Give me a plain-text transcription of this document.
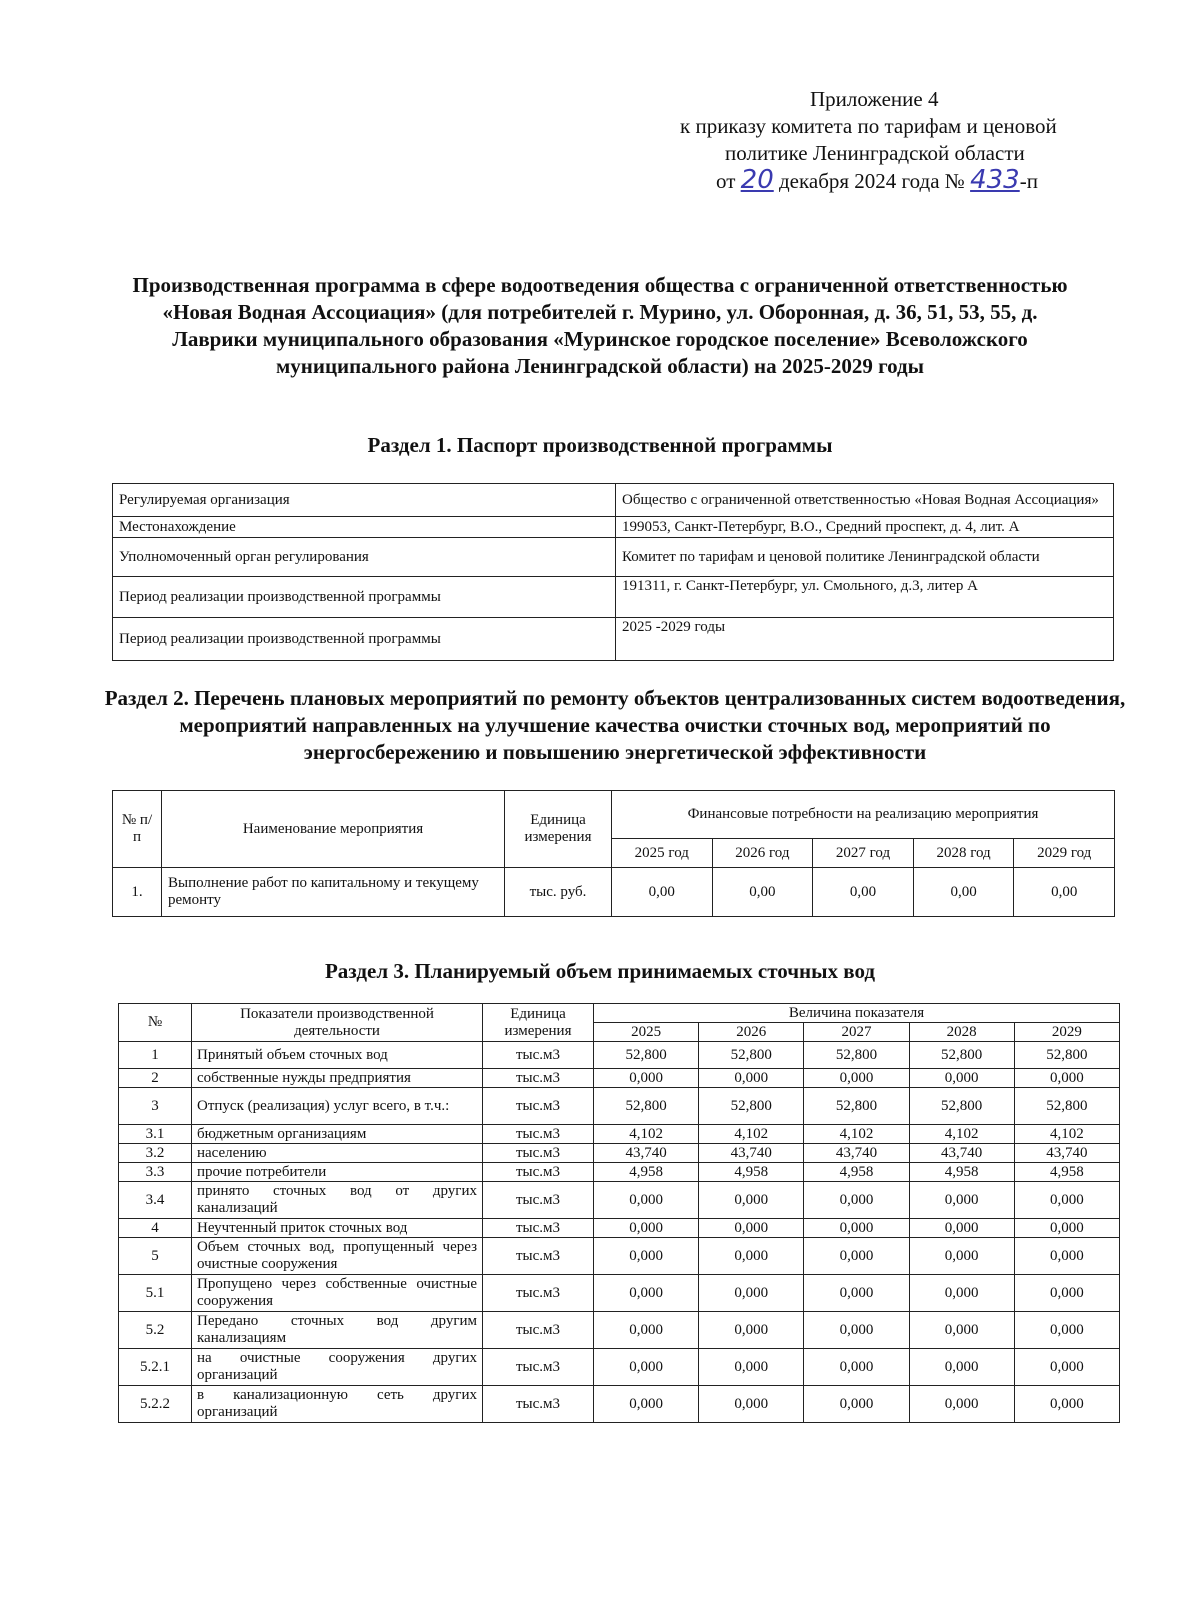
Приложение 4
к приказу комитета по тарифам и ценовой
политике Ленинградской области
от 20 декабря 2024 года № 433-п
Производственная программа в сфере водоотведения общества с ограниченной ответственностью «Новая Водная Ассоциация» (для потребителей г. Мурино, ул. Оборонная, д. 36, 51, 53, 55, д. Лаврики муниципального образования «Муринское городское поселение» Всеволожского муниципального района Ленинградской области) на 2025-2029 годы
Раздел 1. Паспорт производственной программы
Регулируемая организация	Общество с ограниченной ответственностью «Новая Водная Ассоциация»
Местонахождение	199053, Санкт-Петербург, В.О., Средний проспект, д. 4, лит. А
Уполномоченный орган регулирования	Комитет по тарифам и ценовой политике Ленинградской области
Период реализации производственной программы	191311, г. Санкт-Петербург, ул. Смольного, д.3, литер А
Период реализации производственной программы	2025 -2029 годы
Раздел 2. Перечень плановых мероприятий по ремонту объектов централизованных систем водоотведения, мероприятий направленных на улучшение качества очистки сточных вод, мероприятий по энергосбережению и повышению энергетической эффективности
№ п/п	Наименование мероприятия	Единица измерения	Финансовые потребности на реализацию мероприятия				
			2025 год	2026 год	2027 год	2028 год	2029 год
1.	Выполнение работ по капитальному и текущему ремонту	тыс. руб.	0,00	0,00	0,00	0,00	0,00
Раздел 3. Планируемый объем принимаемых сточных вод
№	Показатели производственной деятельности	Единица измерения	Величина показателя				
			2025	2026	2027	2028	2029
1	Принятый объем сточных вод	тыс.м3	52,800	52,800	52,800	52,800	52,800
2	собственные нужды предприятия	тыс.м3	0,000	0,000	0,000	0,000	0,000
3	Отпуск (реализация) услуг всего, в т.ч.:	тыс.м3	52,800	52,800	52,800	52,800	52,800
3.1	бюджетным организациям	тыс.м3	4,102	4,102	4,102	4,102	4,102
3.2	населению	тыс.м3	43,740	43,740	43,740	43,740	43,740
3.3	прочие потребители	тыс.м3	4,958	4,958	4,958	4,958	4,958
3.4	принято сточных вод от других канализаций	тыс.м3	0,000	0,000	0,000	0,000	0,000
4	Неучтенный приток сточных вод	тыс.м3	0,000	0,000	0,000	0,000	0,000
5	Объем сточных вод, пропущенный через очистные сооружения	тыс.м3	0,000	0,000	0,000	0,000	0,000
5.1	Пропущено через собственные очистные сооружения	тыс.м3	0,000	0,000	0,000	0,000	0,000
5.2	Передано сточных вод другим канализациям	тыс.м3	0,000	0,000	0,000	0,000	0,000
5.2.1	на очистные сооружения других организаций	тыс.м3	0,000	0,000	0,000	0,000	0,000
5.2.2	в канализационную сеть других организаций	тыс.м3	0,000	0,000	0,000	0,000	0,000
